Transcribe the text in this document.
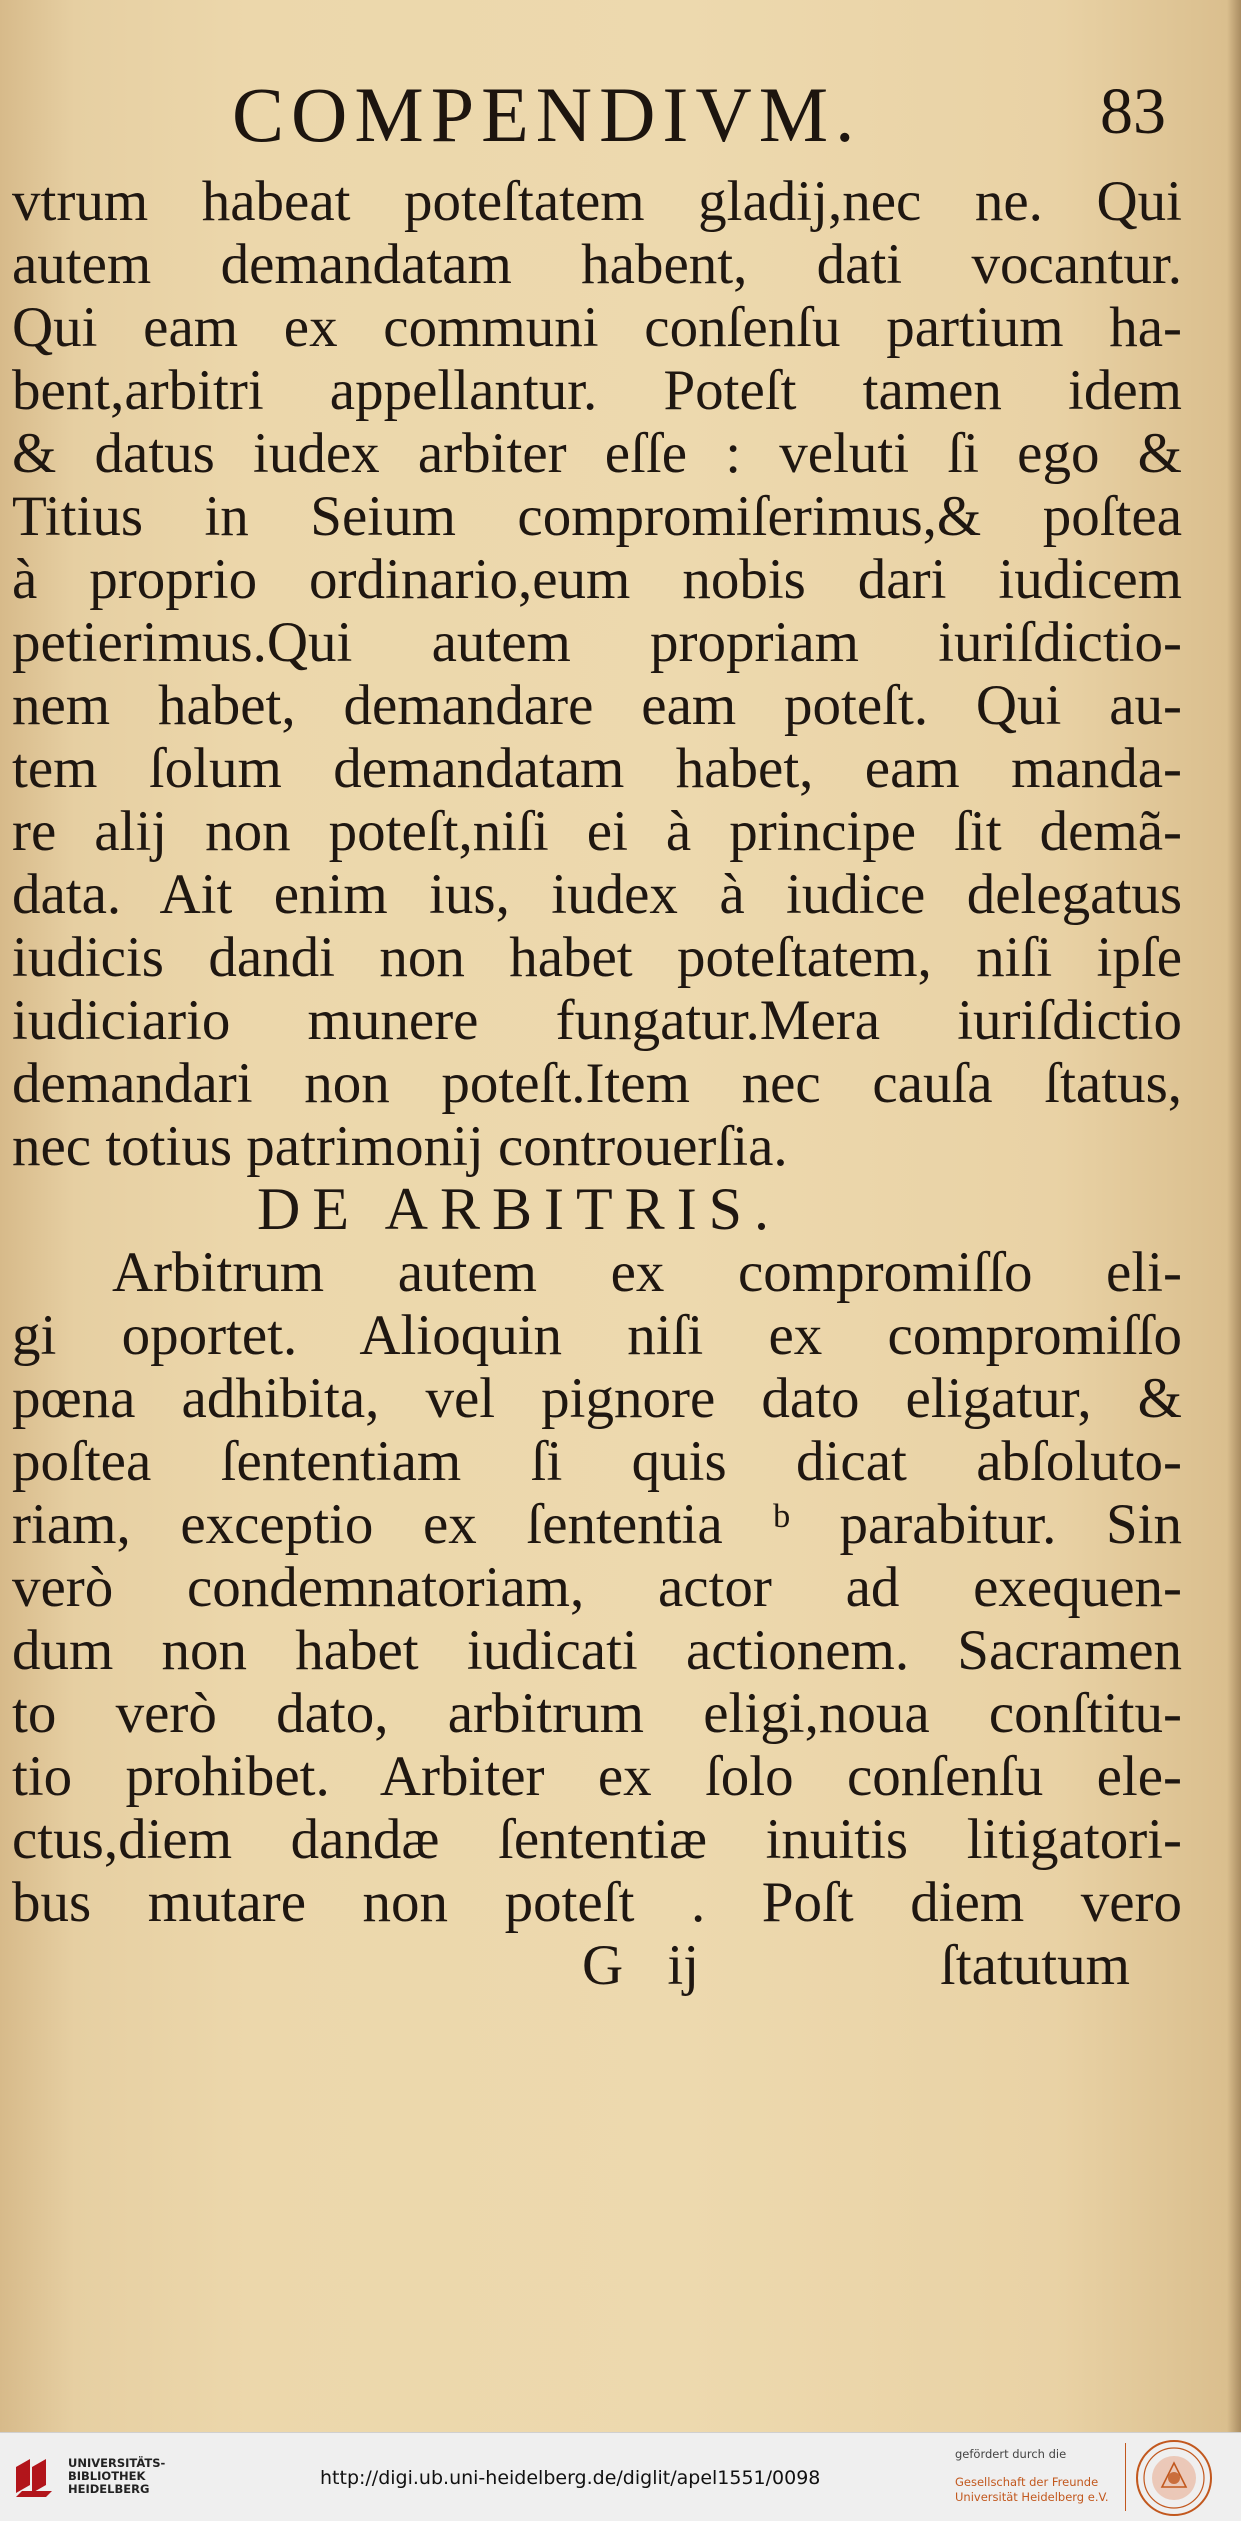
COMPENDIVM.	83
vtrum habeat poteſtatem gladij,nec ne. Qui
autem demandatam habent, dati vocantur.
Qui eam ex communi conſenſu partium ha-
bent,arbitri appellantur. Poteſt tamen idem
& datus iudex arbiter eſſe : veluti ſi ego &
Titius in Seium compromiſerimus,& poſtea
à proprio ordinario,eum nobis dari iudicem
petierimus.Qui autem propriam iuriſdictio-
nem habet, demandare eam poteſt. Qui au-
tem ſolum demandatam habet, eam manda-
re alij non poteſt,niſi ei à principe ſit demã-
data. Ait enim ius, iudex à iudice delegatus
iudicis dandi non habet poteſtatem, niſi ipſe
iudiciario munere fungatur.Mera iuriſdictio
demandari non poteſt.Item nec cauſa ſtatus,
nec totius patrimonij controuerſia.
DE ARBITRIS.
Arbitrum autem ex compromiſſo eli-
gi oportet. Alioquin niſi ex compromiſſo
pœna adhibita, vel pignore dato eligatur, &
poſtea ſententiam ſi quis dicat abſoluto-
riam, exceptio ex ſententia ᵇ parabitur. Sin
verò condemnatoriam, actor ad exequen-
dum non habet iudicati actionem. Sacramen
to verò dato, arbitrum eligi,noua conſtitu-
tio prohibet. Arbiter ex ſolo conſenſu ele-
ctus,diem dandæ ſententiæ inuitis litigatori-
bus mutare non poteſt . Poſt diem vero
G ij	ſtatutum
UNIVERSITÄTS-
BIBLIOTHEK
HEIDELBERG	http://digi.ub.uni-heidelberg.de/diglit/apel1551/0098
gefördert durch die
Gesellschaft der Freunde
Universität Heidelberg e.V.
